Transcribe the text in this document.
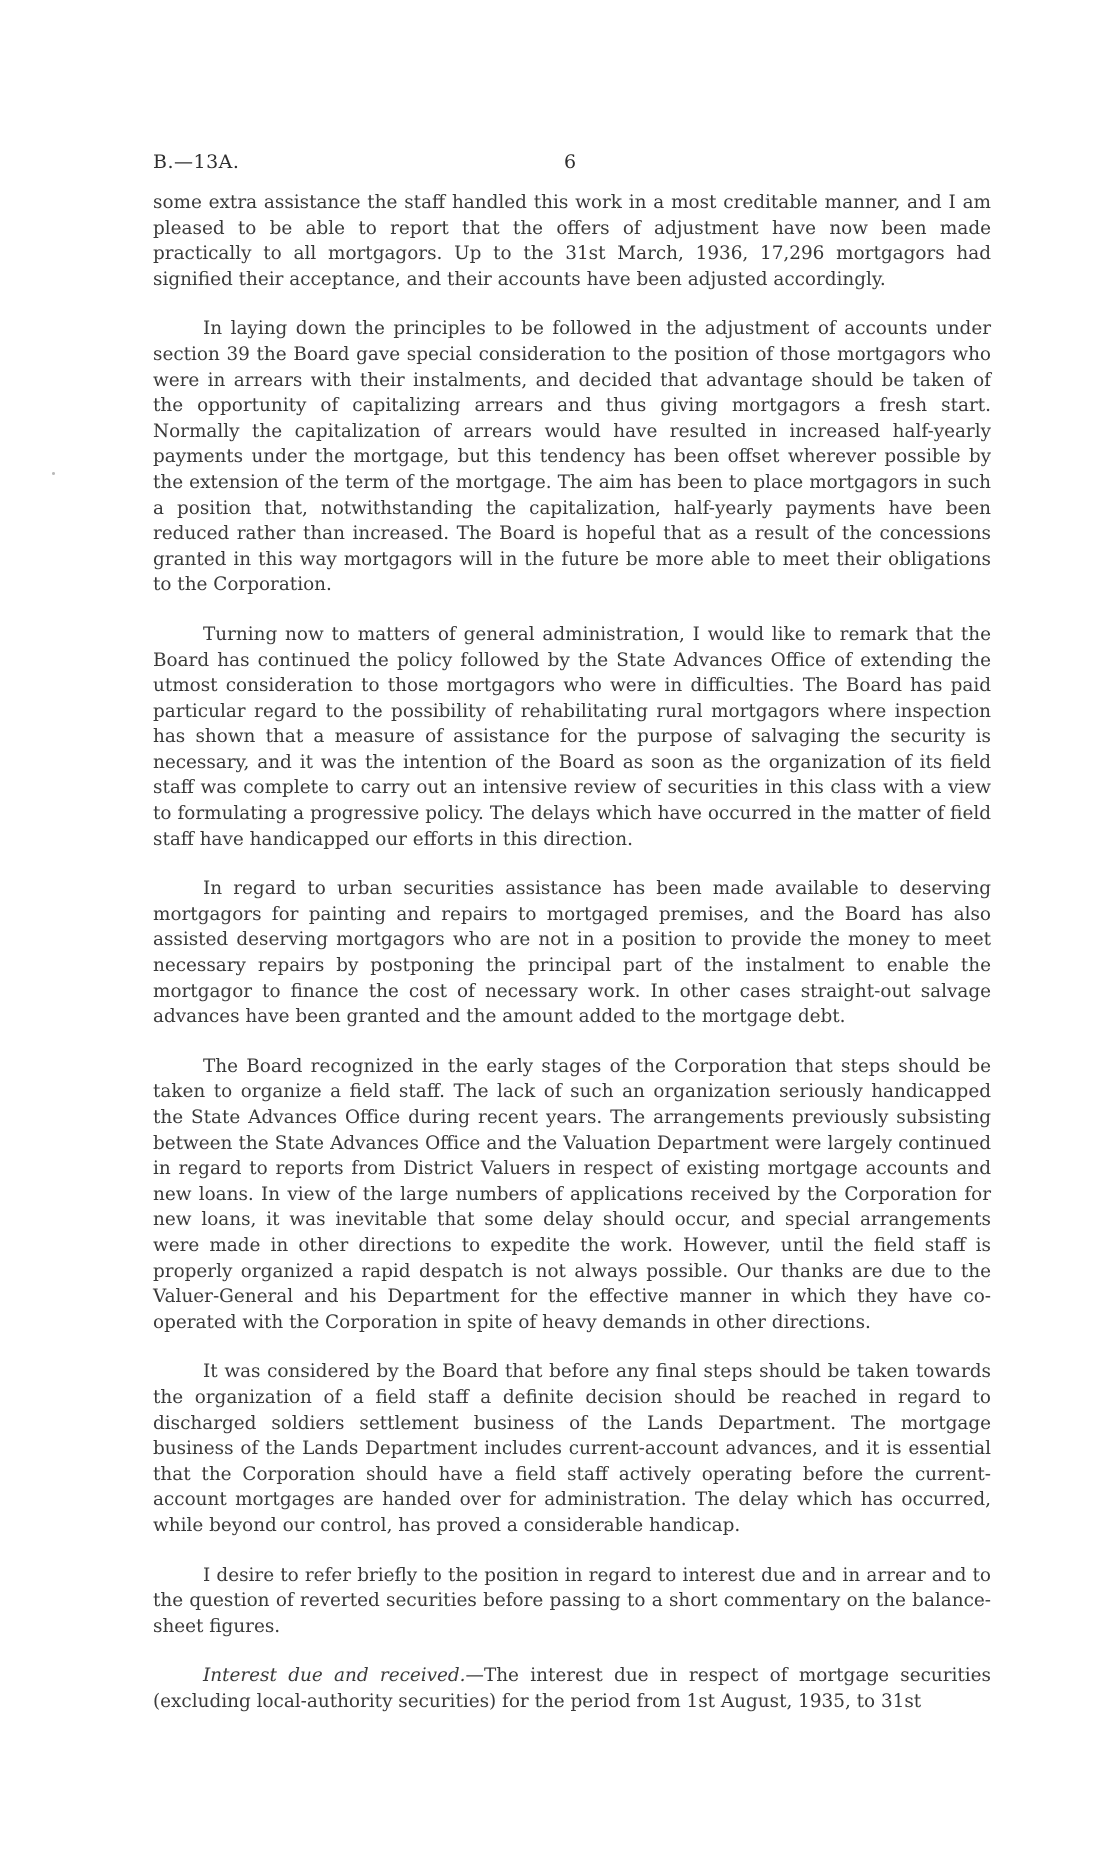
B.—13A.	6

some extra assistance the staff handled this work in a most creditable manner, and I am pleased to be able to report that the offers of adjustment have now been made practically to all mortgagors. Up to the 31st March, 1936, 17,296 mortgagors had signified their acceptance, and their accounts have been adjusted accordingly.

In laying down the principles to be followed in the adjustment of accounts under section 39 the Board gave special consideration to the position of those mortgagors who were in arrears with their instalments, and decided that advantage should be taken of the opportunity of capitalizing arrears and thus giving mortgagors a fresh start. Normally the capitalization of arrears would have resulted in increased half-yearly payments under the mortgage, but this tendency has been offset wherever possible by the extension of the term of the mortgage. The aim has been to place mortgagors in such a position that, notwithstanding the capitalization, half-yearly payments have been reduced rather than increased. The Board is hopeful that as a result of the concessions granted in this way mortgagors will in the future be more able to meet their obligations to the Corporation.

Turning now to matters of general administration, I would like to remark that the Board has continued the policy followed by the State Advances Office of extending the utmost consideration to those mortgagors who were in difficulties. The Board has paid particular regard to the possibility of rehabilitating rural mortgagors where inspection has shown that a measure of assistance for the purpose of salvaging the security is necessary, and it was the intention of the Board as soon as the organization of its field staff was complete to carry out an intensive review of securities in this class with a view to formulating a progressive policy. The delays which have occurred in the matter of field staff have handicapped our efforts in this direction.

In regard to urban securities assistance has been made available to deserving mortgagors for painting and repairs to mortgaged premises, and the Board has also assisted deserving mortgagors who are not in a position to provide the money to meet necessary repairs by postponing the principal part of the instalment to enable the mortgagor to finance the cost of necessary work. In other cases straight-out salvage advances have been granted and the amount added to the mortgage debt.

The Board recognized in the early stages of the Corporation that steps should be taken to organize a field staff. The lack of such an organization seriously handicapped the State Advances Office during recent years. The arrangements previously subsisting between the State Advances Office and the Valuation Department were largely continued in regard to reports from District Valuers in respect of existing mortgage accounts and new loans. In view of the large numbers of applications received by the Corporation for new loans, it was inevitable that some delay should occur, and special arrangements were made in other directions to expedite the work. However, until the field staff is properly organized a rapid despatch is not always possible. Our thanks are due to the Valuer-General and his Department for the effective manner in which they have co-operated with the Corporation in spite of heavy demands in other directions.

It was considered by the Board that before any final steps should be taken towards the organization of a field staff a definite decision should be reached in regard to discharged soldiers settlement business of the Lands Department. The mortgage business of the Lands Department includes current-account advances, and it is essential that the Corporation should have a field staff actively operating before the current-account mortgages are handed over for administration. The delay which has occurred, while beyond our control, has proved a considerable handicap.

I desire to refer briefly to the position in regard to interest due and in arrear and to the question of reverted securities before passing to a short commentary on the balance-sheet figures.

Interest due and received.—The interest due in respect of mortgage securities (excluding local-authority securities) for the period from 1st August, 1935, to 31st
